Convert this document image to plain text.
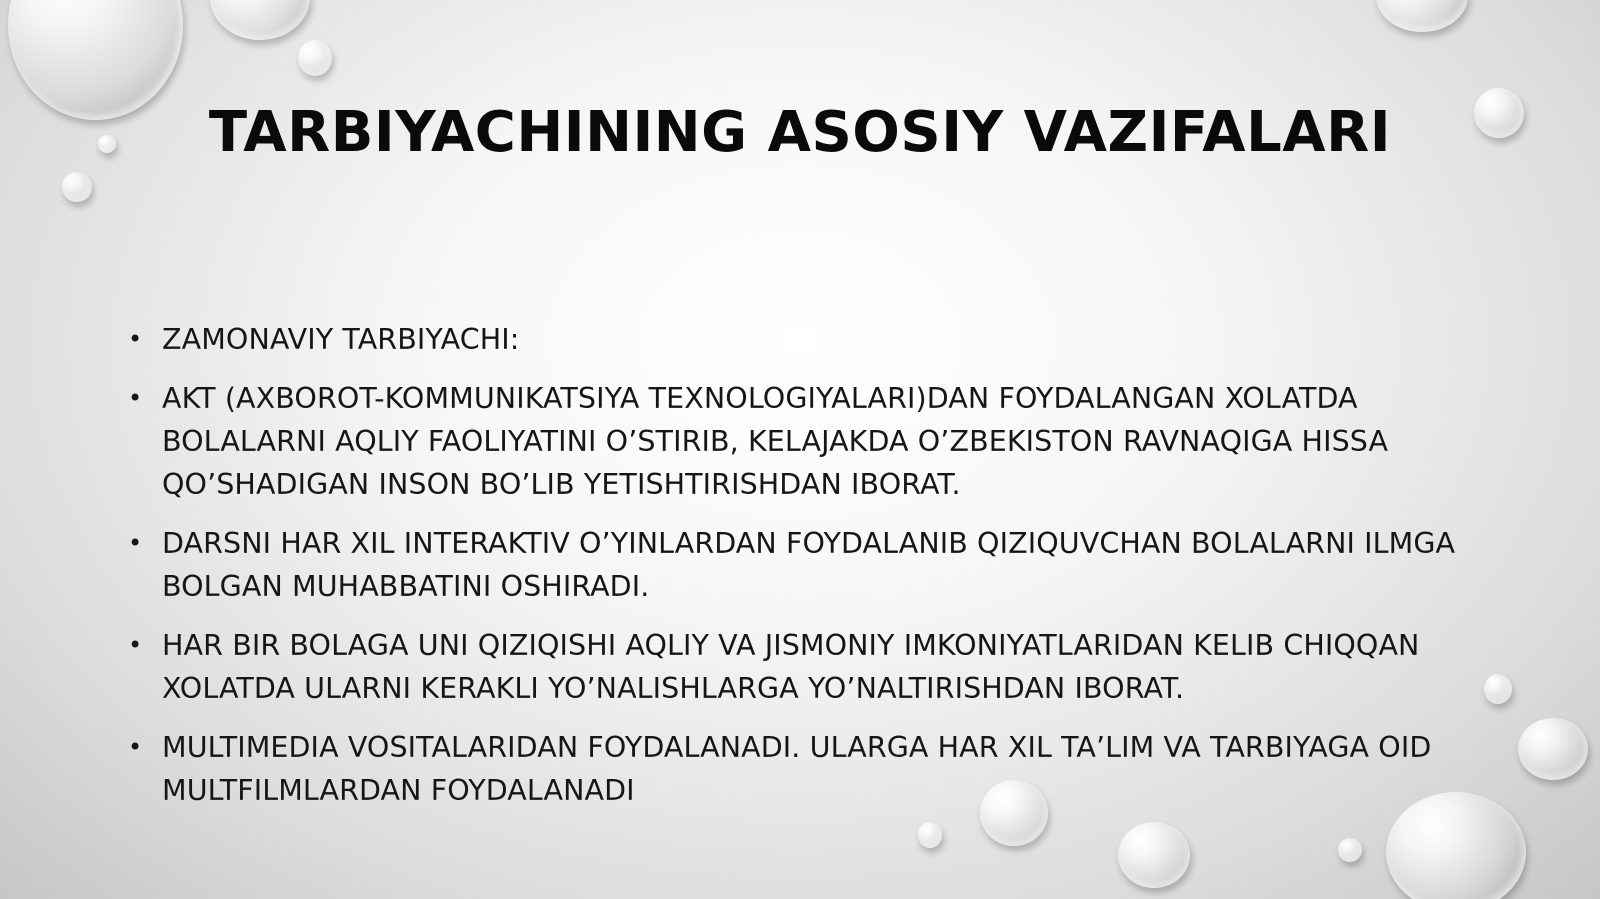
TARBIYACHINING ASOSIY VAZIFALARI
• ZAMONAVIY TARBIYACHI:
• AKT (AXBOROT-KOMMUNIKATSIYA TEXNOLOGIYALARI)DAN FOYDALANGAN XOLATDA BOLALARNI AQLIY FAOLIYATINI O’STIRIB, KELAJAKDA O’ZBEKISTON RAVNAQIGA HISSA QO’SHADIGAN INSON BO’LIB YETISHTIRISHDAN IBORAT.
• DARSNI HAR XIL INTERAKTIV O’YINLARDAN FOYDALANIB QIZIQUVCHAN BOLALARNI ILMGA BOLGAN MUHABBATINI OSHIRADI.
• HAR BIR BOLAGA UNI QIZIQISHI AQLIY VA JISMONIY IMKONIYATLARIDAN KELIB CHIQQAN XOLATDA ULARNI KERAKLI YO’NALISHLARGA YO’NALTIRISHDAN IBORAT.
• MULTIMEDIA VOSITALARIDAN FOYDALANADI. ULARGA HAR XIL TA’LIM VA TARBIYAGA OID MULTFILMLARDAN FOYDALANADI
